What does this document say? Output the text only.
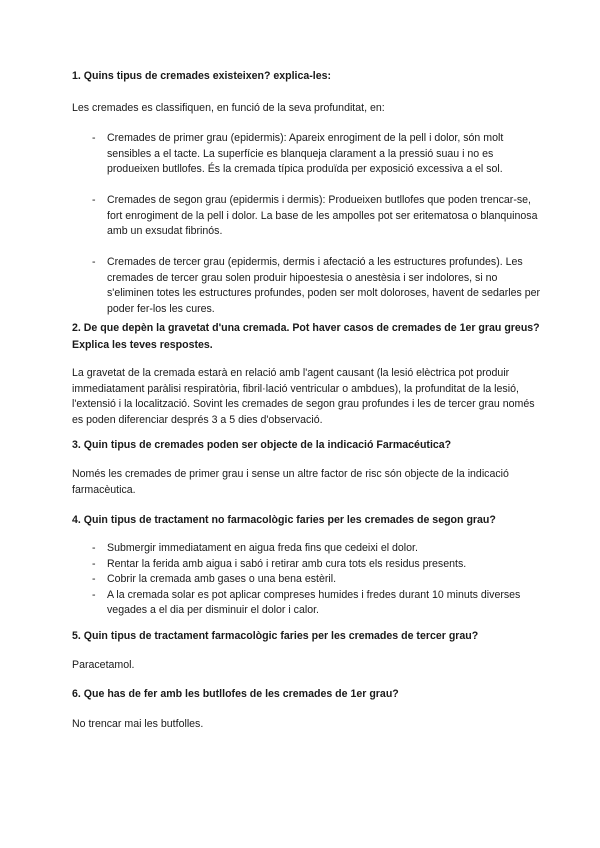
1. Quins tipus de cremades existeixen? explica-les:

Les cremades es classifiquen, en funció de la seva profunditat, en:

- Cremades de primer grau (epidermis): Apareix enrogiment de la pell i dolor, són molt sensibles a el tacte. La superfície es blanqueja clarament a la pressió suau i no es produeixen butllofes. És la cremada típica produïda per exposició excessiva a el sol.
- Cremades de segon grau (epidermis i dermis): Produeixen butllofes que poden trencar-se, fort enrogiment de la pell i dolor. La base de les ampolles pot ser eritematosa o blanquinosa amb un exsudat fibrinós.
- Cremades de tercer grau (epidermis, dermis i afectació a les estructures profundes). Les cremades de tercer grau solen produir hipoestesia o anestèsia i ser indolores, si no s'eliminen totes les estructures profundes, poden ser molt doloroses, havent de sedarles per poder fer-los les cures.

2. De que depèn la gravetat d'una cremada. Pot haver casos de cremades de 1er grau greus? Explica les teves respostes.

La gravetat de la cremada estarà en relació amb l'agent causant (la lesió elèctrica pot produir immediatament paràlisi respiratòria, fibril·lació ventricular o ambdues), la profunditat de la lesió, l'extensió i la localització. Sovint les cremades de segon grau profundes i les de tercer grau només es poden diferenciar després 3 a 5 dies d'observació.

3. Quin tipus de cremades poden ser objecte de la indicació Farmacéutica?

Només les cremades de primer grau i sense un altre factor de risc són objecte de la indicació farmacèutica.

4. Quin tipus de tractament no farmacològic faries per les cremades de segon grau?

- Submergir immediatament en aigua freda fins que cedeixi el dolor.
- Rentar la ferida amb aigua i sabó i retirar amb cura tots els residus presents.
- Cobrir la cremada amb gases o una bena estèril.
- A la cremada solar es pot aplicar compreses humides i fredes durant 10 minuts diverses vegades a el dia per disminuir el dolor i calor.

5. Quin tipus de tractament farmacològic faries per les cremades de tercer grau?

Paracetamol.

6. Que has de fer amb les butllofes de les cremades de 1er grau?

No trencar mai les butfolles.
